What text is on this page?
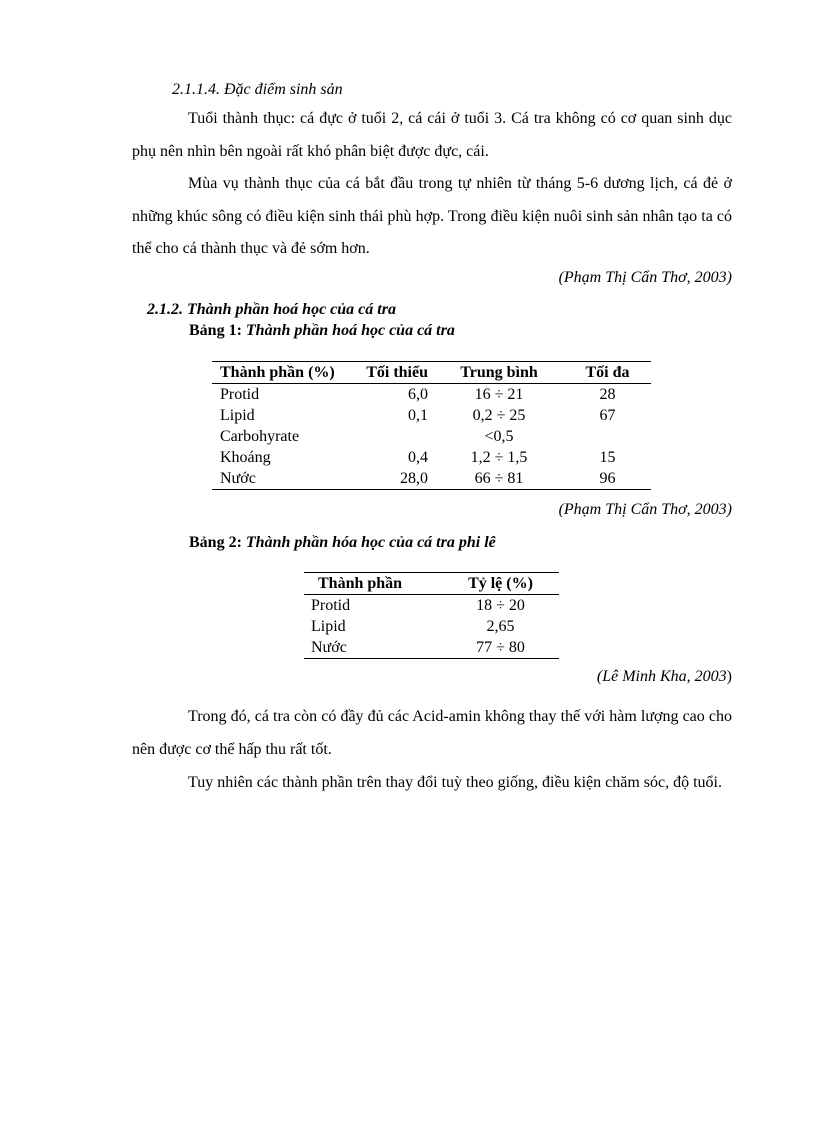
2.1.1.4. Đặc điểm sinh sản
Tuổi thành thục: cá đực ở tuổi 2, cá cái ở tuổi 3. Cá tra không có cơ quan sinh dục phụ nên nhìn bên ngoài rất khó phân biệt được đực, cái.
Mùa vụ thành thục của cá bắt đầu trong tự nhiên từ tháng 5-6 dương lịch, cá đẻ ở những khúc sông có điều kiện sinh thái phù hợp. Trong điều kiện nuôi sinh sản nhân tạo ta có thể cho cá thành thục và đẻ sớm hơn.
(Phạm Thị Cẩn Thơ, 2003)
2.1.2. Thành phần hoá học của cá tra
Bảng 1: Thành phần hoá học của cá tra
Thành phần (%)	Tối thiểu	Trung bình	Tối đa
Protid	6,0	16 ÷ 21	28
Lipid	0,1	0,2 ÷ 25	67
Carbohyrate		<0,5	
Khoáng	0,4	1,2 ÷ 1,5	15
Nước	28,0	66 ÷ 81	96
(Phạm Thị Cẩn Thơ, 2003)
Bảng 2: Thành phần hóa học của cá tra phi lê
Thành phần	Tỷ lệ (%)
Protid	18 ÷ 20
Lipid	2,65
Nước	77 ÷ 80
(Lê Minh Kha, 2003)
Trong đó, cá tra còn có đầy đủ các Acid-amin không thay thế với hàm lượng cao cho nên được cơ thể hấp thu rất tốt.
Tuy nhiên các thành phần trên thay đổi tuỳ theo giống, điều kiện chăm sóc, độ tuổi.
